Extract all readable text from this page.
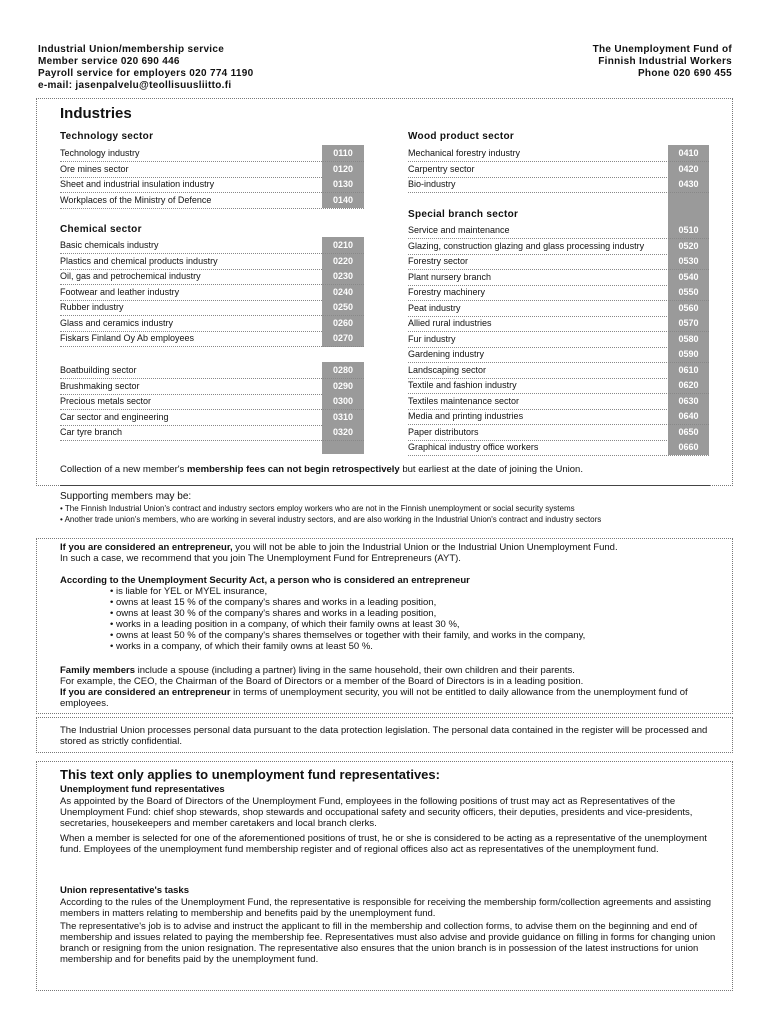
Industrial Union/membership service
Member service 020 690 446
Payroll service for employers 020 774 1190
e-mail: jasenpalvelu@teollisuusliitto.fi
The Unemployment Fund of
Finnish Industrial Workers
Phone 020 690 455
Industries
Technology sector	Wood product sector
Chemical sector
Special branch sector
Technology industry	0110
Ore mines sector	0120
Sheet and industrial insulation industry	0130
Workplaces of the Ministry of Defence	0140
Basic chemicals industry	0210
Plastics and chemical products industry	0220
Oil, gas and petrochemical industry	0230
Footwear and leather industry	0240
Rubber industry	0250
Glass and ceramics industry	0260
Fiskars Finland Oy Ab employees	0270
Boatbuilding sector	0280
Brushmaking sector	0290
Precious metals sector	0300
Car sector and engineering	0310
Car tyre branch	0320
Mechanical forestry industry	0410
Carpentry sector	0420
Bio-industry	0430
Service and maintenance	0510
Glazing, construction glazing and glass processing industry	0520
Forestry sector	0530
Plant nursery branch	0540
Forestry machinery	0550
Peat industry	0560
Allied rural industries	0570
Fur industry	0580
Gardening industry	0590
Landscaping sector	0610
Textile and fashion industry	0620
Textiles maintenance sector	0630
Media and printing industries	0640
Paper distributors	0650
Graphical industry office workers	0660
Collection of a new member's membership fees can not begin retrospectively but earliest at the date of joining the Union.
Supporting members may be:
• The Finnish Industrial Union's contract and industry sectors employ workers who are not in the Finnish unemployment or social security systems
• Another trade union's members, who are working in several industry sectors, and are also working in the Industrial Union's contract and industry sectors
If you are considered an entrepreneur, you will not be able to join the Industrial Union or the Industrial Union Unemployment Fund.
In such a case, we recommend that you join The Unemployment Fund for Entrepreneurs (AYT).
According to the Unemployment Security Act, a person who is considered an entrepreneur
• is liable for YEL or MYEL insurance,
• owns at least 15 % of the company's shares and works in a leading position,
• owns at least 30 % of the company's shares and works in a leading position,
• works in a leading position in a company, of which their family owns at least 30 %,
• owns at least 50 % of the company's shares themselves or together with their family, and works in the company,
• works in a company, of which their family owns at least 50 %.
Family members include a spouse (including a partner) living in the same household, their own children and their parents.
For example, the CEO, the Chairman of the Board of Directors or a member of the Board of Directors is in a leading position.
If you are considered an entrepreneur in terms of unemployment security, you will not be entitled to daily allowance from the unemployment fund of employees.
The Industrial Union processes personal data pursuant to the data protection legislation. The personal data contained in the register will be processed and stored as strictly confidential.
This text only applies to unemployment fund representatives:
Unemployment fund representatives
As appointed by the Board of Directors of the Unemployment Fund, employees in the following positions of trust may act as Representatives of the Unemployment Fund: chief shop stewards, shop stewards and occupational safety and security officers, their deputies, presidents and vice-presidents, secretaries, housekeepers and member caretakers and local branch clerks.
When a member is selected for one of the aforementioned positions of trust, he or she is considered to be acting as a representative of the unemployment fund. Employees of the unemployment fund membership register and of regional offices also act as representatives of the unemployment fund.
Union representative's tasks
According to the rules of the Unemployment Fund, the representative is responsible for receiving the membership form/collection agreements and assisting members in matters relating to membership and benefits paid by the unemployment fund.
The representative's job is to advise and instruct the applicant to fill in the membership and collection forms, to advise them on the beginning and end of membership and issues related to paying the membership fee. Representatives must also advise and provide guidance on filling in forms for changing union branch or resigning from the union resignation. The representative also ensures that the union branch is in possession of the latest instructions for union membership and for benefits paid by the unemployment fund.
